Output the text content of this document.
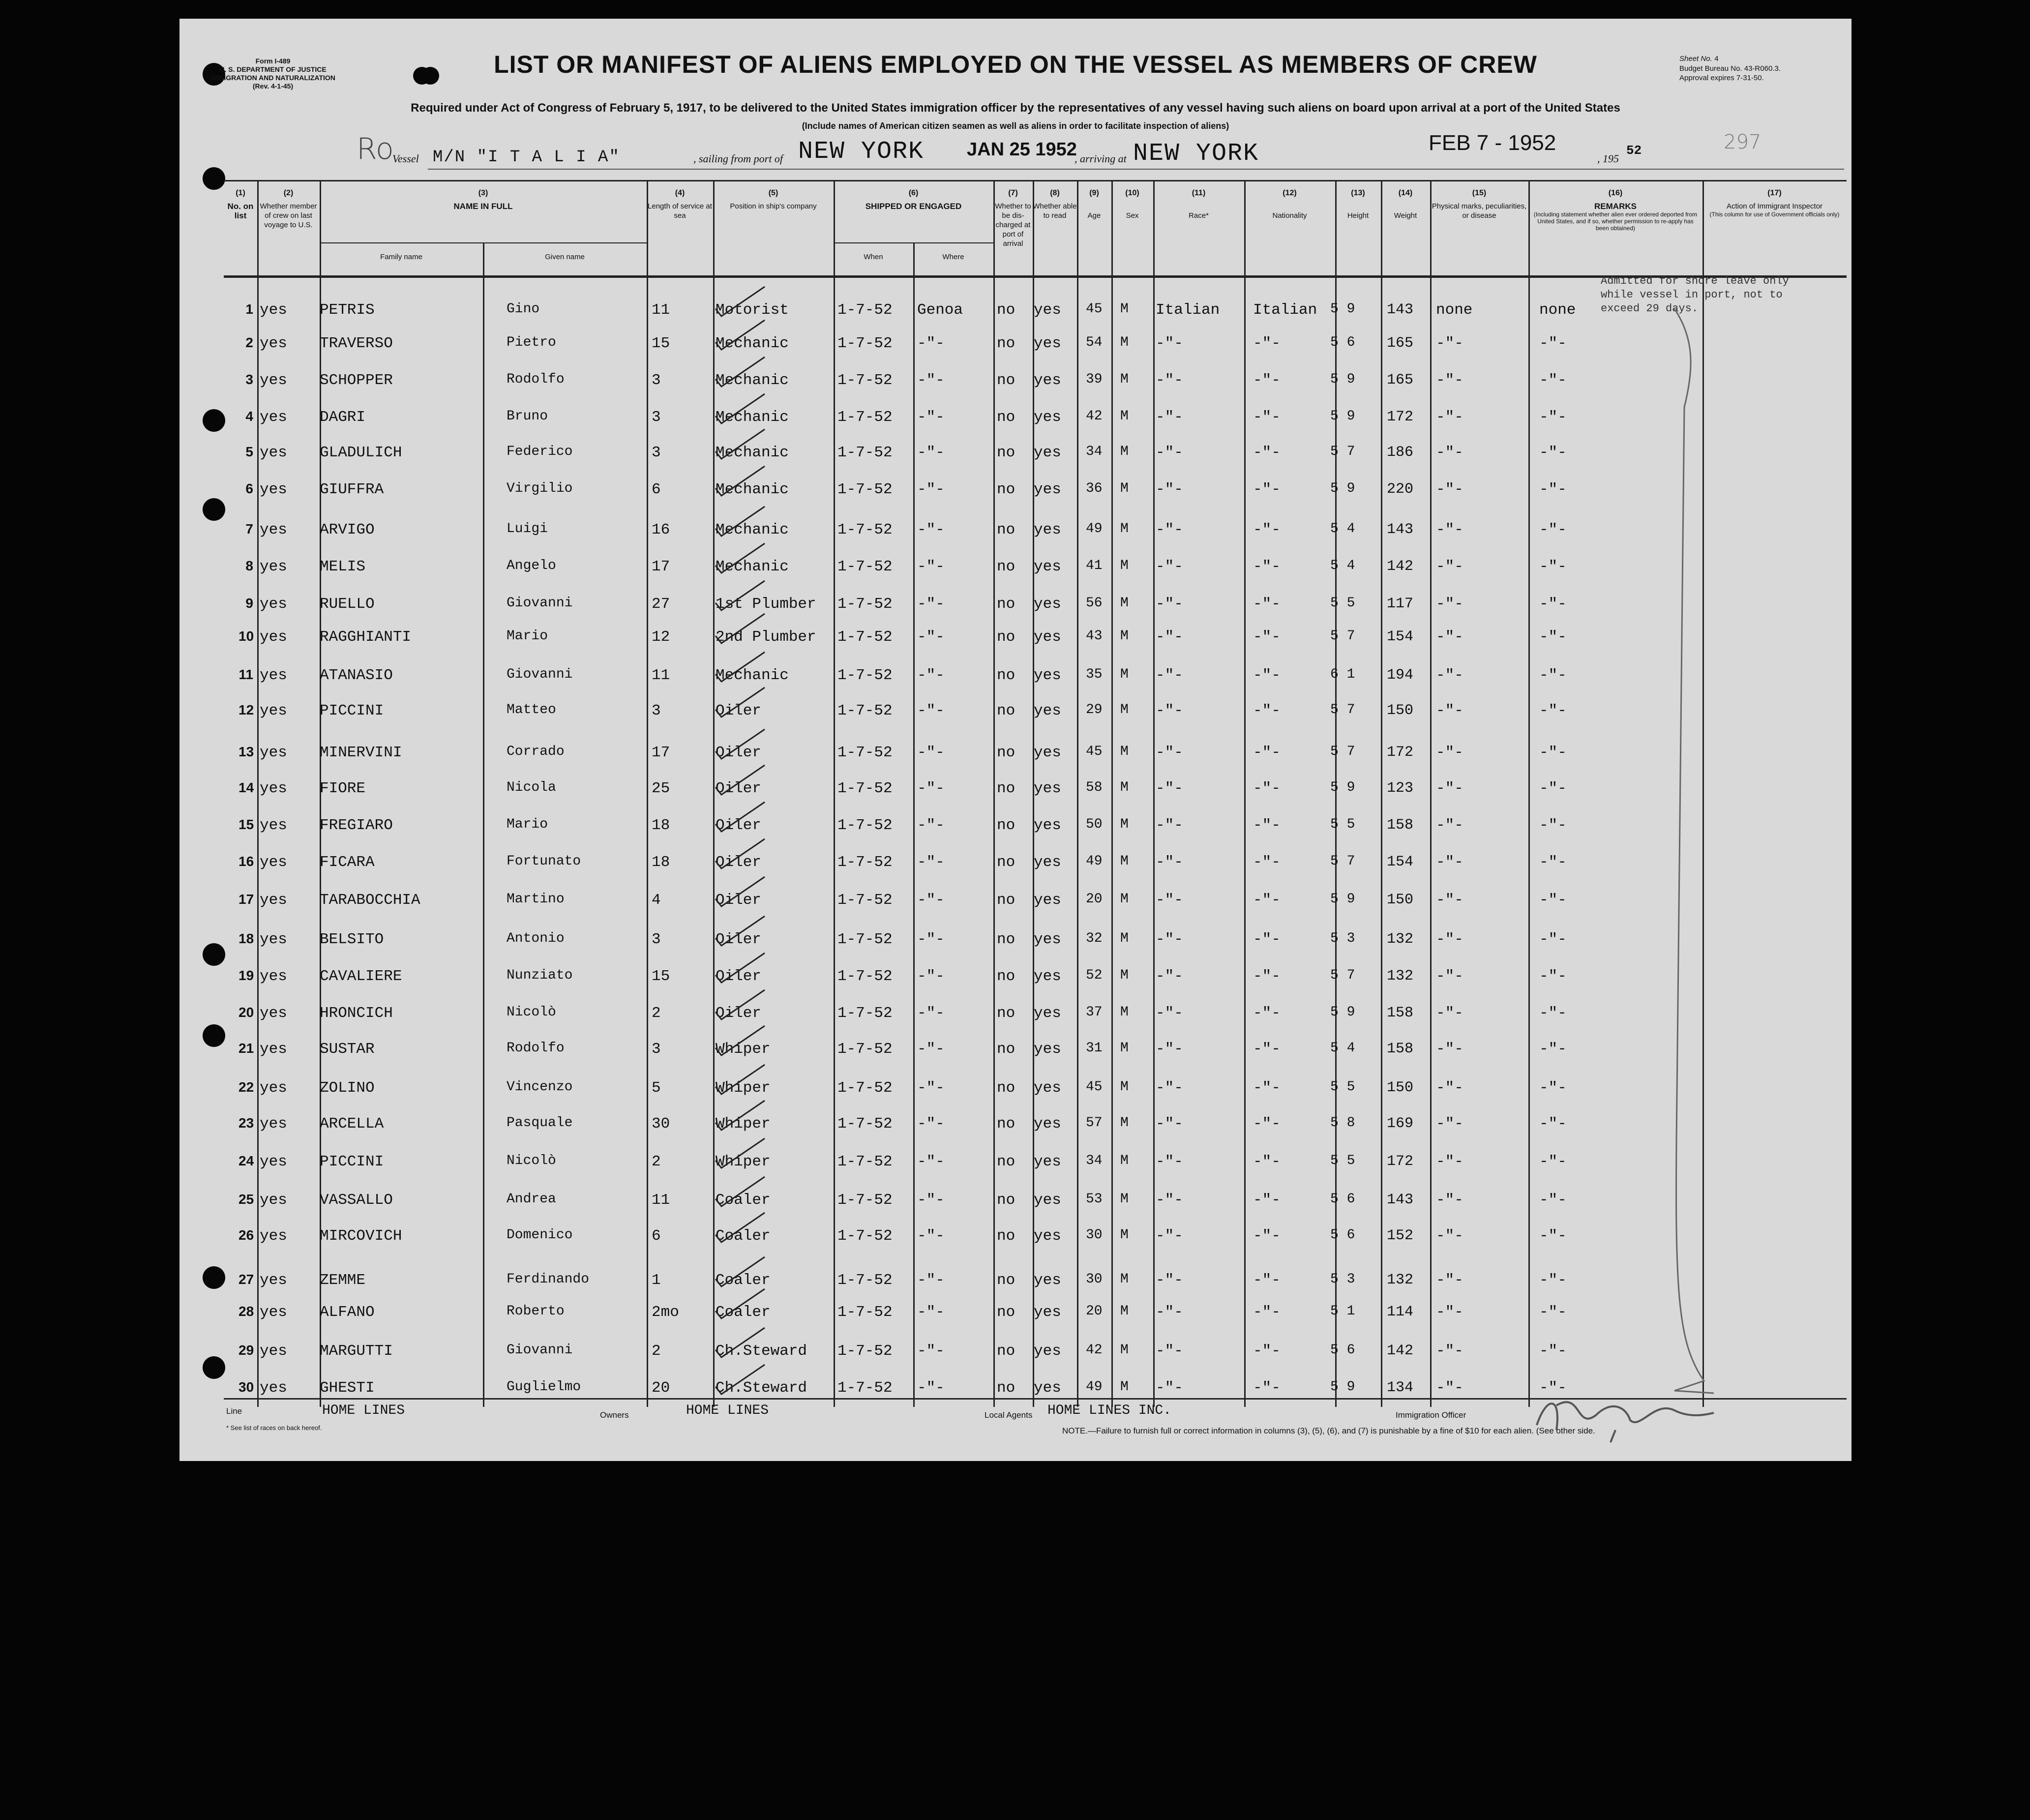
Form I-489
U. S. DEPARTMENT OF JUSTICE
IMMIGRATION AND NATURALIZATION
(Rev. 4-1-45)
LIST OR MANIFEST OF ALIENS EMPLOYED ON THE VESSEL AS MEMBERS OF CREW
Required under Act of Congress of February 5, 1917, to be delivered to the United States immigration officer by the representatives of any vessel having such aliens on board upon arrival at a port of the United States
(Include names of American citizen seamen as well as aliens in order to facilitate inspection of aliens)
Sheet No. 4
Budget Bureau No. 43-R060.3.
Approval expires 7-31-50.
Ro
Vessel M/N "I T A L I A"	, sailing from port of NEW YORK JAN 25 1952
, arriving at NEW YORK	FEB 7 - 1952
, 195
52	297
(1)
No. on list
(2)
Whether member of crew on last voyage to U.S.
(3)
NAME IN FULL
Family name	Given name
(4)
Length of service at sea
(5)
Position in ship's company
(6)
SHIPPED OR ENGAGED
When	Where
(7)
Whether to be dis-charged at port of arrival
(8)
Whether able to read
(9)

Age
(10)

Sex
(11)

Race*
(12)

Nationality
(13)

Height
(14)

Weight
(15)
Physical marks, peculiarities, or disease
(16)
REMARKS
(Including statement whether alien ever ordered deported from United States, and if so, whether permission to re-apply has been obtained)
(17)
Action of Immigrant Inspector
(This column for use of Government officials only)
Admitted for shore leave only while vessel in port, not to exceed 29 days.
1 yes PETRIS	Gino	11	Motorist	1-7-52 Genoa no yes 45 M Italian Italian 5 9 143 none	none
2 yes TRAVERSO	Pietro	15	Mechanic	1-7-52 -"-	no yes 54 M -"-	-"-	5 6 165 -"-	-"-
3 yes SCHOPPER	Rodolfo	3	Mechanic	1-7-52 -"-	no yes 39 M -"-	-"-	5 9 165 -"-	-"-
4 yes DAGRI	Bruno	3	Mechanic	1-7-52 -"-	no yes 42 M -"-	-"-	5 9 172 -"-	-"-
5 yes GLADULICH	Federico	3	Mechanic	1-7-52 -"-	no yes 34 M -"-	-"-	5 7 186 -"-	-"-
6 yes GIUFFRA	Virgilio	6	Mechanic	1-7-52 -"-	no yes 36 M -"-	-"-	5 9 220 -"-	-"-
7 yes ARVIGO	Luigi	16	Mechanic	1-7-52 -"-	no yes 49 M -"-	-"-	5 4 143 -"-	-"-
8 yes MELIS	Angelo	17	Mechanic	1-7-52 -"-	no yes 41 M -"-	-"-	5 4 142 -"-	-"-
9 yes RUELLO	Giovanni	27	1st Plumber 1-7-52 -"-	no yes 56 M -"-	-"-	5 5 117 -"-	-"-
10 yes RAGGHIANTI	Mario	12	2nd Plumber 1-7-52 -"-	no yes 43 M -"-	-"-	5 7 154 -"-	-"-
11 yes ATANASIO	Giovanni	11	Mechanic	1-7-52 -"-	no yes 35 M -"-	-"-	6 1 194 -"-	-"-
12 yes PICCINI	Matteo	3	Oiler	1-7-52 -"-	no yes 29 M -"-	-"-	5 7 150 -"-	-"-
13 yes MINERVINI	Corrado	17	Oiler	1-7-52 -"-	no yes 45 M -"-	-"-	5 7 172 -"-	-"-
14 yes FIORE	Nicola	25	Oiler	1-7-52 -"-	no yes 58 M -"-	-"-	5 9 123 -"-	-"-
15 yes FREGIARO	Mario	18	Oiler	1-7-52 -"-	no yes 50 M -"-	-"-	5 5 158 -"-	-"-
16 yes FICARA	Fortunato	18	Oiler	1-7-52 -"-	no yes 49 M -"-	-"-	5 7 154 -"-	-"-
17 yes TARABOCCHIA	Martino	4	Oiler	1-7-52 -"-	no yes 20 M -"-	-"-	5 9 150 -"-	-"-
18 yes BELSITO	Antonio	3	Oiler	1-7-52 -"-	no yes 32 M -"-	-"-	5 3 132 -"-	-"-
19 yes CAVALIERE	Nunziato	15	Oiler	1-7-52 -"-	no yes 52 M -"-	-"-	5 7 132 -"-	-"-
20 yes HRONCICH	Nicolò	2	Oiler	1-7-52 -"-	no yes 37 M -"-	-"-	5 9 158 -"-	-"-
21 yes SUSTAR	Rodolfo	3	Whiper	1-7-52 -"-	no yes 31 M -"-	-"-	5 4 158 -"-	-"-
22 yes ZOLINO	Vincenzo	5	Whiper	1-7-52 -"-	no yes 45 M -"-	-"-	5 5 150 -"-	-"-
23 yes ARCELLA	Pasquale	30	Whiper	1-7-52 -"-	no yes 57 M -"-	-"-	5 8 169 -"-	-"-
24 yes PICCINI	Nicolò	2	Whiper	1-7-52 -"-	no yes 34 M -"-	-"-	5 5 172 -"-	-"-
25 yes VASSALLO	Andrea	11	Coaler	1-7-52 -"-	no yes 53 M -"-	-"-	5 6 143 -"-	-"-
26 yes MIRCOVICH	Domenico	6	Coaler	1-7-52 -"-	no yes 30 M -"-	-"-	5 6 152 -"-	-"-
27 yes ZEMME	Ferdinando	1	Coaler	1-7-52 -"-	no yes 30 M -"-	-"-	5 3 132 -"-	-"-
28 yes ALFANO	Roberto	2mo Coaler	1-7-52 -"-	no yes 20 M -"-	-"-	5 1 114 -"-	-"-
29 yes MARGUTTI	Giovanni	2	Ch.Steward 1-7-52 -"-	no yes 42 M -"-	-"-	5 6 142 -"-	-"-
30 yes GHESTI	Guglielmo	20	Ch.Steward 1-7-52 -"-	no yes 49 M -"-	-"-	5 9 134 -"-	-"-
Line	HOME LINES	Owners	HOME LINES	Local Agents HOME LINES INC.	Immigration Officer
* See list of races on back hereof.	NOTE.—Failure to furnish full or correct information in columns (3), (5), (6), and (7) is punishable by a fine of $10 for each alien. (See other side.
